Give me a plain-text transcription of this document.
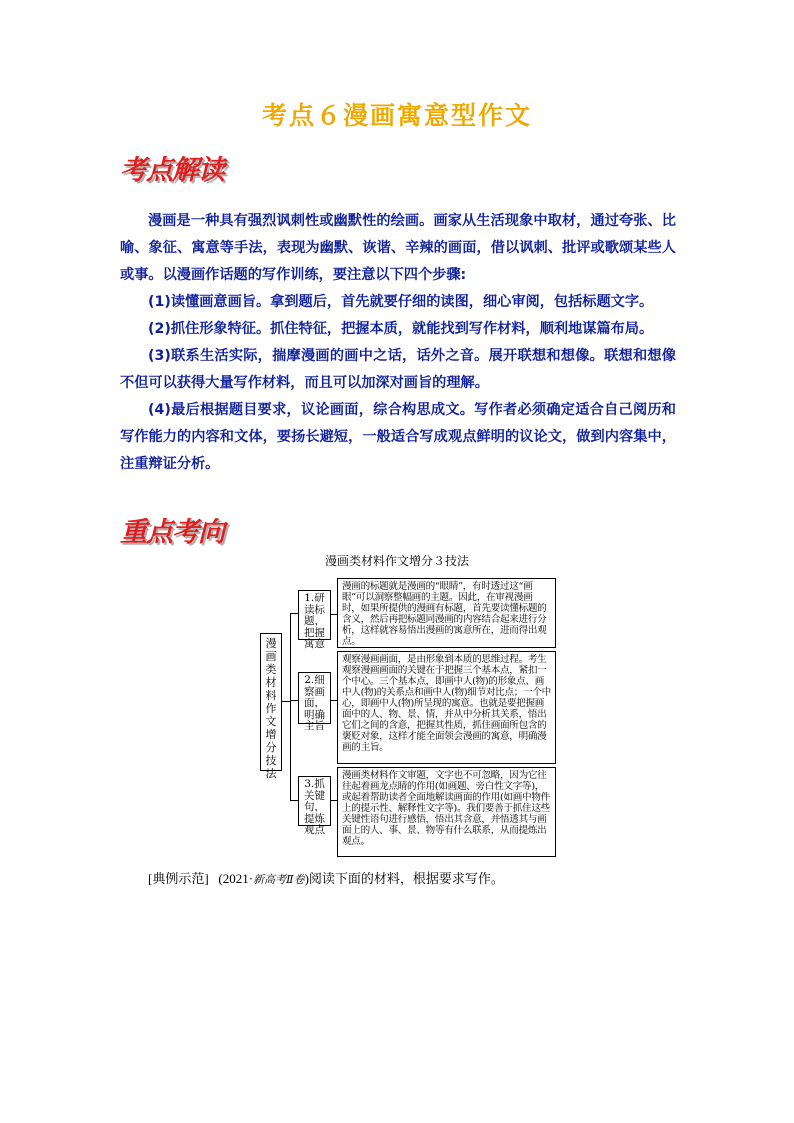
考点６漫画寓意型作文
考点解读

漫画是一种具有强烈讽刺性或幽默性的绘画。画家从生活现象中取材，通过夸张、比喻、象征、寓意等手法，表现为幽默、诙谐、辛辣的画面，借以讽刺、批评或歌颂某些人或事。以漫画作话题的写作训练，要注意以下四个步骤:

(1)读懂画意画旨。拿到题后，首先就要仔细的读图，细心审阅，包括标题文字。

(2)抓住形象特征。抓住特征，把握本质，就能找到写作材料，顺利地谋篇布局。

(3)联系生活实际，揣摩漫画的画中之话，话外之音。展开联想和想像。联想和想像不但可以获得大量写作材料，而且可以加深对画旨的理解。

(4)最后根据题目要求，议论画面，综合构思成文。写作者必须确定适合自己阅历和写作能力的内容和文体，要扬长避短，一般适合写成观点鲜明的议论文，做到内容集中，注重辩证分析。

重点考向
漫画类材料作文增分３技法
漫画类材料作文增分技法
1.研读标题，把握寓意
漫画的标题就是漫画的“眼睛”，有时透过这“画眼”可以洞察整幅画的主题。因此，在审视漫画时，如果所提供的漫画有标题，首先要读懂标题的含义，然后再把标题同漫画的内容结合起来进行分析，这样就容易悟出漫画的寓意所在，进而得出观点。
2.细察画面，明确主旨
观察漫画画面，是由形象到本质的思维过程。考生观察漫画画面的关键在于把握三个基本点，紧扣一个中心。三个基本点，即画中人(物)的形象点、画中人(物)的关系点和画中人(物)细节对比点；一个中心，即画中人(物)所呈现的寓意。也就是要把握画面中的人、物、景、情，并从中分析其关系，悟出它们之间的含意，把握其性质，抓住画面所包含的褒贬对象，这样才能全面领会漫画的寓意，明确漫画的主旨。
3.抓关键句，提炼观点
漫画类材料作文审题，文字也不可忽略，因为它往往起着画龙点睛的作用(如画题、旁白性文字等)，或起着帮助读者全面地解读画面的作用(如画中物件上的提示性、解释性文字等)。我们要善于抓住这些关键性语句进行感悟，悟出其含意，并悟透其与画面上的人、事、景、物等有什么联系，从而提炼出观点。
[典例示范] (2021·新高考Ⅱ卷)阅读下面的材料，根据要求写作。
